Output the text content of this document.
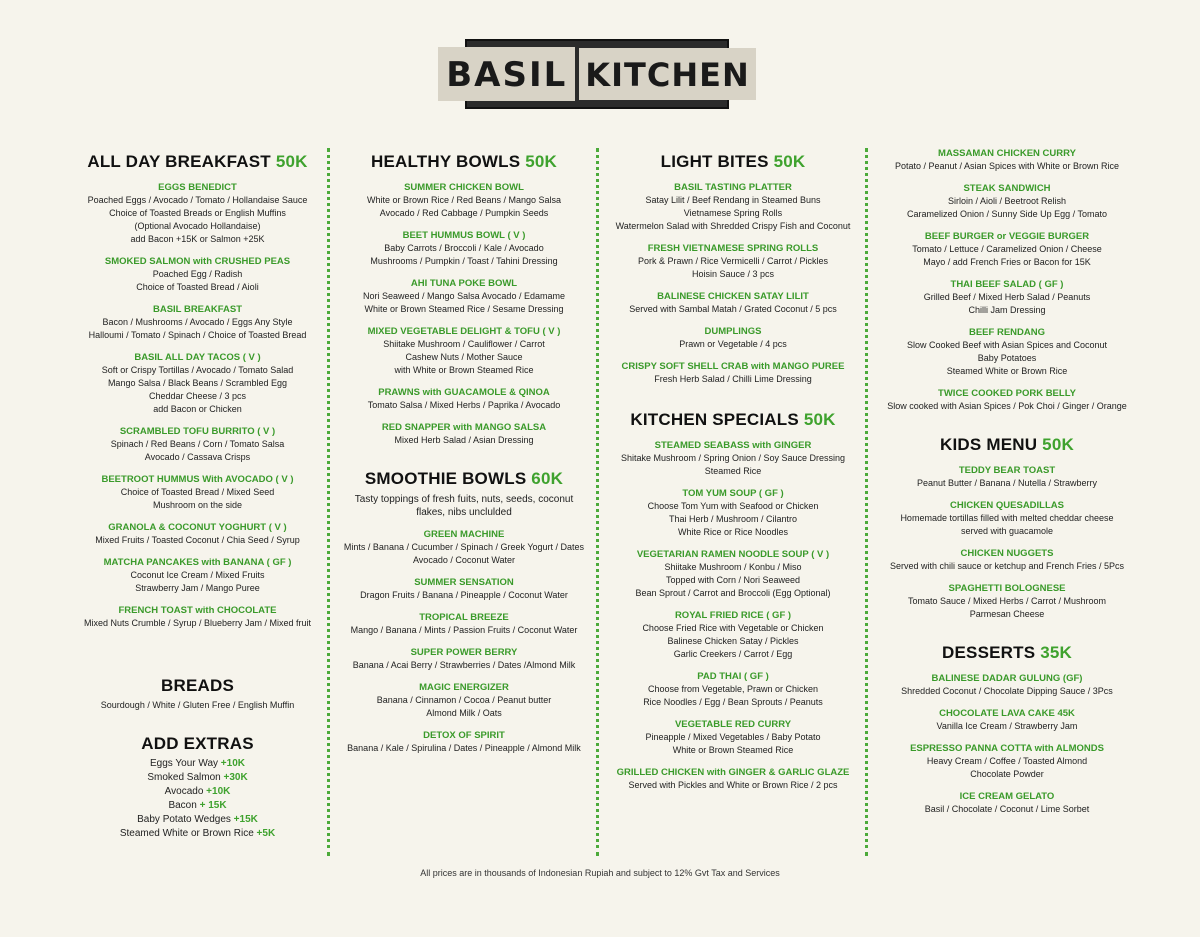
BASIL KITCHEN
ALL DAY BREAKFAST 50K
EGGS BENEDICT
Poached Eggs / Avocado / Tomato / Hollandaise Sauce
Choice of Toasted Breads or English Muffins
(Optional Avocado Hollandaise)
add Bacon +15K or Salmon +25K
SMOKED SALMON with CRUSHED PEAS
Poached Egg / Radish
Choice of Toasted Bread / Aioli
BASIL BREAKFAST
Bacon / Mushrooms / Avocado / Eggs Any Style
Halloumi / Tomato / Spinach / Choice of Toasted Bread
BASIL ALL DAY TACOS ( V )
Soft or Crispy Tortillas / Avocado / Tomato Salad
Mango Salsa / Black Beans / Scrambled Egg
Cheddar Cheese / 3 pcs
add Bacon or Chicken
SCRAMBLED TOFU BURRITO ( V )
Spinach / Red Beans / Corn / Tomato Salsa
Avocado / Cassava Crisps
BEETROOT HUMMUS With AVOCADO ( V )
Choice of Toasted Bread / Mixed Seed
Mushroom on the side
GRANOLA & COCONUT YOGHURT ( V )
Mixed Fruits / Toasted Coconut / Chia Seed / Syrup
MATCHA PANCAKES with BANANA ( GF )
Coconut Ice Cream / Mixed Fruits
Strawberry Jam / Mango Puree
FRENCH TOAST with CHOCOLATE
Mixed Nuts Crumble / Syrup / Blueberry Jam / Mixed fruit
BREADS
Sourdough / White / Gluten Free / English Muffin
ADD EXTRAS
Eggs Your Way +10K
Smoked Salmon +30K
Avocado +10K
Bacon + 15K
Baby Potato Wedges +15K
Steamed White or Brown Rice +5K
HEALTHY BOWLS 50K
SUMMER CHICKEN BOWL
White or Brown Rice / Red Beans / Mango Salsa
Avocado / Red Cabbage / Pumpkin Seeds
BEET HUMMUS BOWL ( V )
Baby Carrots / Broccoli / Kale / Avocado
Mushrooms / Pumpkin / Toast / Tahini Dressing
AHI TUNA POKE BOWL
Nori Seaweed / Mango Salsa Avocado / Edamame
White or Brown Steamed Rice / Sesame Dressing
MIXED VEGETABLE DELIGHT & TOFU ( V )
Shiitake Mushroom / Cauliflower / Carrot
Cashew Nuts / Mother Sauce
with White or Brown Steamed Rice
PRAWNS with GUACAMOLE & QINOA
Tomato Salsa / Mixed Herbs / Paprika / Avocado
RED SNAPPER with MANGO SALSA
Mixed Herb Salad / Asian Dressing
SMOOTHIE BOWLS 60K
Tasty toppings of fresh fuits, nuts, seeds, coconut
flakes, nibs unclulded
GREEN MACHINE
Mints / Banana / Cucumber / Spinach / Greek Yogurt / Dates
Avocado / Coconut Water
SUMMER SENSATION
Dragon Fruits / Banana / Pineapple / Coconut Water
TROPICAL BREEZE
Mango / Banana / Mints / Passion Fruits / Coconut Water
SUPER POWER BERRY
Banana / Acai Berry / Strawberries / Dates /Almond Milk
MAGIC ENERGIZER
Banana / Cinnamon / Cocoa / Peanut butter
Almond Milk / Oats
DETOX OF SPIRIT
Banana / Kale / Spirulina / Dates / Pineapple / Almond Milk
LIGHT BITES 50K
BASIL TASTING PLATTER
Satay Lilit / Beef Rendang in Steamed Buns
Vietnamese Spring Rolls
Watermelon Salad with Shredded Crispy Fish and Coconut
FRESH VIETNAMESE SPRING ROLLS
Pork & Prawn / Rice Vermicelli / Carrot / Pickles
Hoisin Sauce / 3 pcs
BALINESE CHICKEN SATAY LILIT
Served with Sambal Matah / Grated Coconut / 5 pcs
DUMPLINGS
Prawn or Vegetable / 4 pcs
CRISPY SOFT SHELL CRAB with MANGO PUREE
Fresh Herb Salad / Chilli Lime Dressing
KITCHEN SPECIALS 50K
STEAMED SEABASS with GINGER
Shitake Mushroom / Spring Onion / Soy Sauce Dressing
Steamed Rice
TOM YUM SOUP ( GF )
Choose Tom Yum with Seafood or Chicken
Thai Herb / Mushroom / Cilantro
White Rice or Rice Noodles
VEGETARIAN RAMEN NOODLE SOUP ( V )
Shiitake Mushroom / Konbu / Miso
Topped with Corn / Nori Seaweed
Bean Sprout / Carrot and Broccoli (Egg Optional)
ROYAL FRIED RICE ( GF )
Choose Fried Rice with Vegetable or Chicken
Balinese Chicken Satay / Pickles
Garlic Creekers / Carrot / Egg
PAD THAI ( GF )
Choose from Vegetable, Prawn or Chicken
Rice Noodles / Egg / Bean Sprouts / Peanuts
VEGETABLE RED CURRY
Pineapple / Mixed Vegetables / Baby Potato
White or Brown Steamed Rice
GRILLED CHICKEN with GINGER & GARLIC GLAZE
Served with Pickles and White or Brown Rice / 2 pcs
MASSAMAN CHICKEN CURRY
Potato / Peanut / Asian Spices with White or Brown Rice
STEAK SANDWICH
Sirloin / Aioli / Beetroot Relish
Caramelized Onion / Sunny Side Up Egg / Tomato
BEEF BURGER or VEGGIE BURGER
Tomato / Lettuce / Caramelized Onion / Cheese
Mayo / add French Fries or Bacon for 15K
THAI BEEF SALAD ( GF )
Grilled Beef / Mixed Herb Salad / Peanuts
Chilli Jam Dressing
BEEF RENDANG
Slow Cooked Beef with Asian Spices and Coconut
Baby Potatoes
Steamed White or Brown Rice
TWICE COOKED PORK BELLY
Slow cooked with Asian Spices / Pok Choi / Ginger / Orange
KIDS MENU 50K
TEDDY BEAR TOAST
Peanut Butter / Banana / Nutella / Strawberry
CHICKEN QUESADILLAS
Homemade tortillas filled with melted cheddar cheese
served with guacamole
CHICKEN NUGGETS
Served with chili sauce or ketchup and French Fries / 5Pcs
SPAGHETTI BOLOGNESE
Tomato Sauce / Mixed Herbs / Carrot / Mushroom
Parmesan Cheese
DESSERTS 35K
BALINESE DADAR GULUNG (GF)
Shredded Coconut / Chocolate Dipping Sauce / 3Pcs
CHOCOLATE LAVA CAKE 45K
Vanilla Ice Cream / Strawberry Jam
ESPRESSO PANNA COTTA with ALMONDS
Heavy Cream / Coffee / Toasted Almond
Chocolate Powder
ICE CREAM GELATO
Basil / Chocolate / Coconut / Lime Sorbet
All prices are in thousands of Indonesian Rupiah and subject to 12% Gvt Tax and Services
